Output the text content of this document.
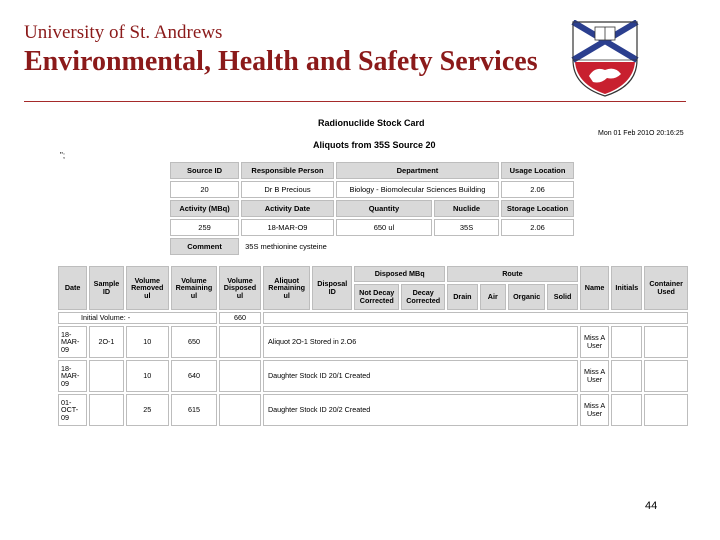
University of St. Andrews
Environmental, Health and Safety Services
Radionuclide Stock Card
Mon 01 Feb 201O 20:16:25
Aliquots from 35S Source 20
";
Source ID	Responsible Person	Department		Usage Location
20	Dr B Precious	Biology - Biomolecular Sciences Building		2.06
Activity (MBq)	Activity Date	Quantity	Nuclide	Storage Location
259	18-MAR-O9	650 ul	35S	2.06
Comment	35S methionine cysteine			
Date	Sample ID	Volume Removed ul	Volume Remaining ul	Volume Disposed ul	Aliquot Remaining ul	Disposal ID	Disposed MBq		Route				Name	Initials	Container Used
							Not Decay Corrected	Decay Corrected	Drain	Air	Organic	Solid			
Initial Volume: -				660											
18-MAR-09	2O-1	10	650		Aliquot 2O-1 Stored in 2.O6								Miss A User		
18-MAR-09		10	640		Daughter Stock ID 20/1 Created								Miss A User		
01-OCT-09		25	615		Daughter Stock ID 20/2 Created								Miss A User		
44
